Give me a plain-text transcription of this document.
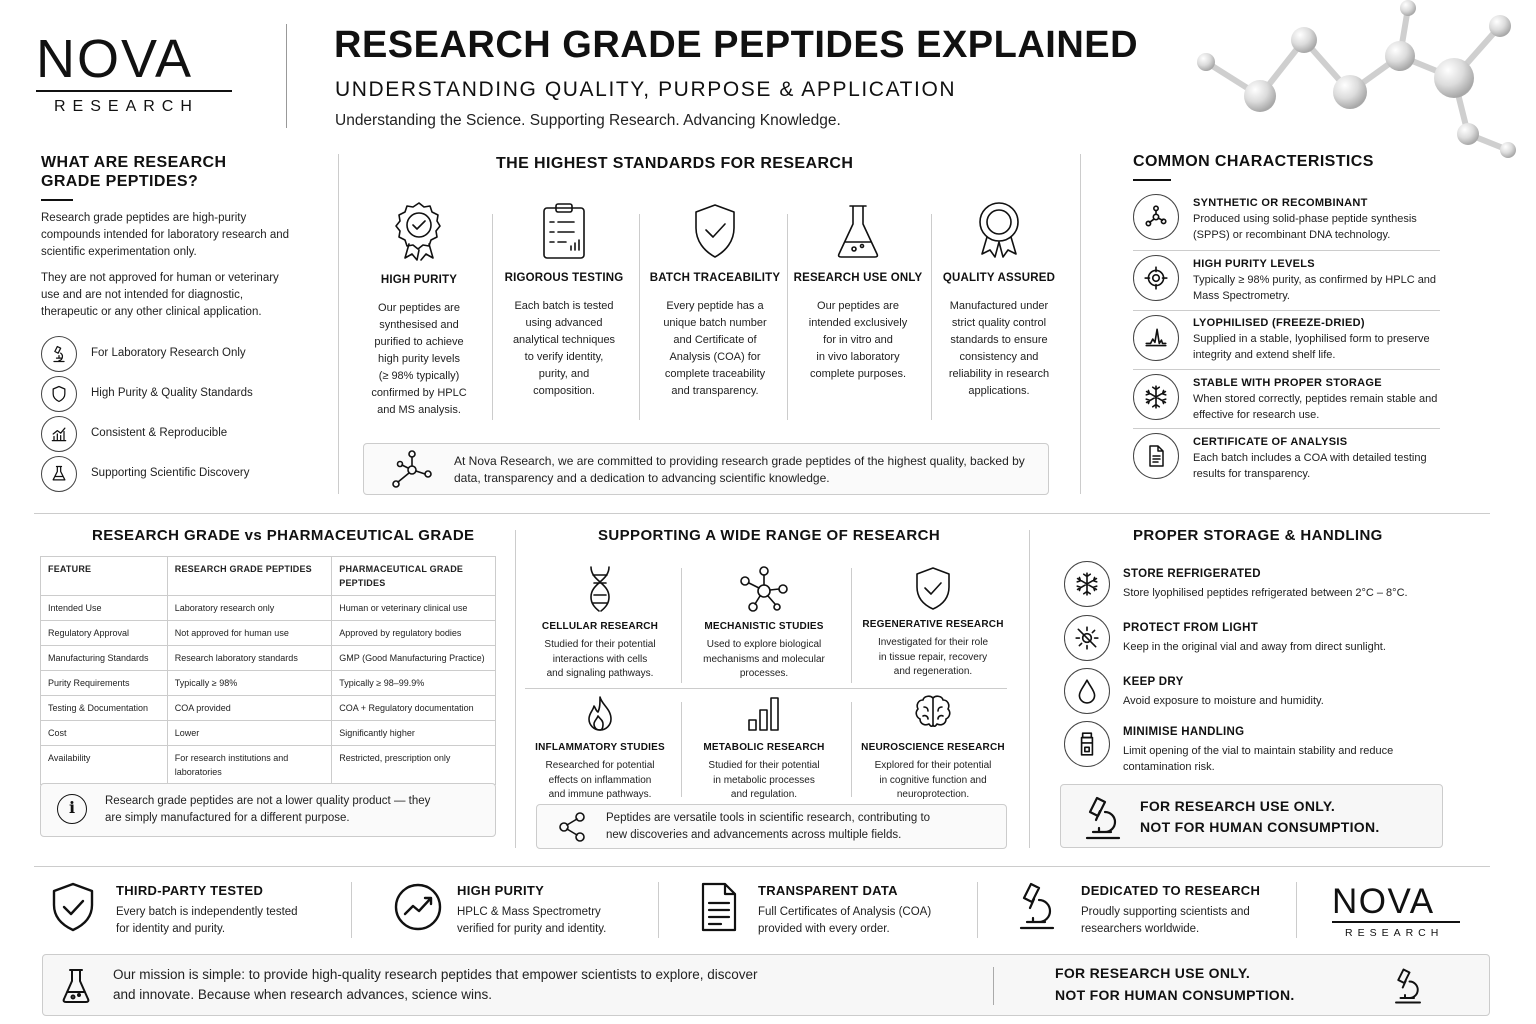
NOVA
RESEARCH
RESEARCH GRADE PEPTIDES EXPLAINED
UNDERSTANDING QUALITY, PURPOSE & APPLICATION
Understanding the Science. Supporting Research. Advancing Knowledge.
WHAT ARE RESEARCH
GRADE PEPTIDES?
Research grade peptides are high-purity compounds intended for laboratory research and scientific experimentation only.
They are not approved for human or veterinary use and are not intended for diagnostic, therapeutic or any other clinical application.
For Laboratory Research Only
High Purity & Quality Standards
Consistent & Reproducible
Supporting Scientific Discovery
THE HIGHEST STANDARDS FOR RESEARCH
HIGH PURITY
Our peptides are
synthesised and
purified to achieve
high purity levels
(≥ 98% typically)
confirmed by HPLC
and MS analysis.
RIGOROUS TESTING
Each batch is tested
using advanced
analytical techniques
to verify identity,
purity, and
composition.
BATCH TRACEABILITY
Every peptide has a
unique batch number
and Certificate of
Analysis (COA) for
complete traceability
and transparency.
RESEARCH USE ONLY
Our peptides are
intended exclusively
for in vitro and
in vivo laboratory
complete purposes.
QUALITY ASSURED
Manufactured under
strict quality control
standards to ensure
consistency and
reliability in research
applications.
At Nova Research, we are committed to providing research grade peptides of the highest quality, backed by data, transparency and a dedication to advancing scientific knowledge.
COMMON CHARACTERISTICS
SYNTHETIC OR RECOMBINANT
Produced using solid-phase peptide synthesis (SPPS) or recombinant DNA technology.
HIGH PURITY LEVELS
Typically ≥ 98% purity, as confirmed by HPLC and Mass Spectrometry.
LYOPHILISED (FREEZE-DRIED)
Supplied in a stable, lyophilised form to preserve integrity and extend shelf life.
STABLE WITH PROPER STORAGE
When stored correctly, peptides remain stable and effective for research use.
CERTIFICATE OF ANALYSIS
Each batch includes a COA with detailed testing results for transparency.
RESEARCH GRADE vs PHARMACEUTICAL GRADE
FEATURE	RESEARCH GRADE PEPTIDES	PHARMACEUTICAL GRADE PEPTIDES
Intended Use	Laboratory research only	Human or veterinary clinical use
Regulatory Approval	Not approved for human use	Approved by regulatory bodies
Manufacturing Standards	Research laboratory standards	GMP (Good Manufacturing Practice)
Purity Requirements	Typically ≥ 98%	Typically ≥ 98–99.9%
Testing & Documentation	COA provided	COA + Regulatory documentation
Cost	Lower	Significantly higher
Availability	For research institutions and laboratories	Restricted, prescription only
i	Research grade peptides are not a lower quality product — they are simply manufactured for a different purpose.
SUPPORTING A WIDE RANGE OF RESEARCH
CELLULAR RESEARCH
Studied for their potential
interactions with cells
and signaling pathways.
MECHANISTIC STUDIES
Used to explore biological
mechanisms and molecular
processes.
REGENERATIVE RESEARCH
Investigated for their role
in tissue repair, recovery
and regeneration.
INFLAMMATORY STUDIES
Researched for potential
effects on inflammation
and immune pathways.
METABOLIC RESEARCH
Studied for their potential
in metabolic processes
and regulation.
NEUROSCIENCE RESEARCH
Explored for their potential
in cognitive function and
neuroprotection.
Peptides are versatile tools in scientific research, contributing to new discoveries and advancements across multiple fields.
PROPER STORAGE & HANDLING
STORE REFRIGERATED
Store lyophilised peptides refrigerated between 2°C – 8°C.
PROTECT FROM LIGHT
Keep in the original vial and away from direct sunlight.
KEEP DRY
Avoid exposure to moisture and humidity.
MINIMISE HANDLING
Limit opening of the vial to maintain stability and reduce contamination risk.
FOR RESEARCH USE ONLY.
NOT FOR HUMAN CONSUMPTION.
THIRD-PARTY TESTED
Every batch is independently tested
for identity and purity.
HIGH PURITY
HPLC & Mass Spectrometry
verified for purity and identity.
TRANSPARENT DATA
Full Certificates of Analysis (COA)
provided with every order.
DEDICATED TO RESEARCH
Proudly supporting scientists and
researchers worldwide.
NOVA
RESEARCH
Our mission is simple: to provide high-quality research peptides that empower scientists to explore, discover
and innovate. Because when research advances, science wins.
FOR RESEARCH USE ONLY.
NOT FOR HUMAN CONSUMPTION.
